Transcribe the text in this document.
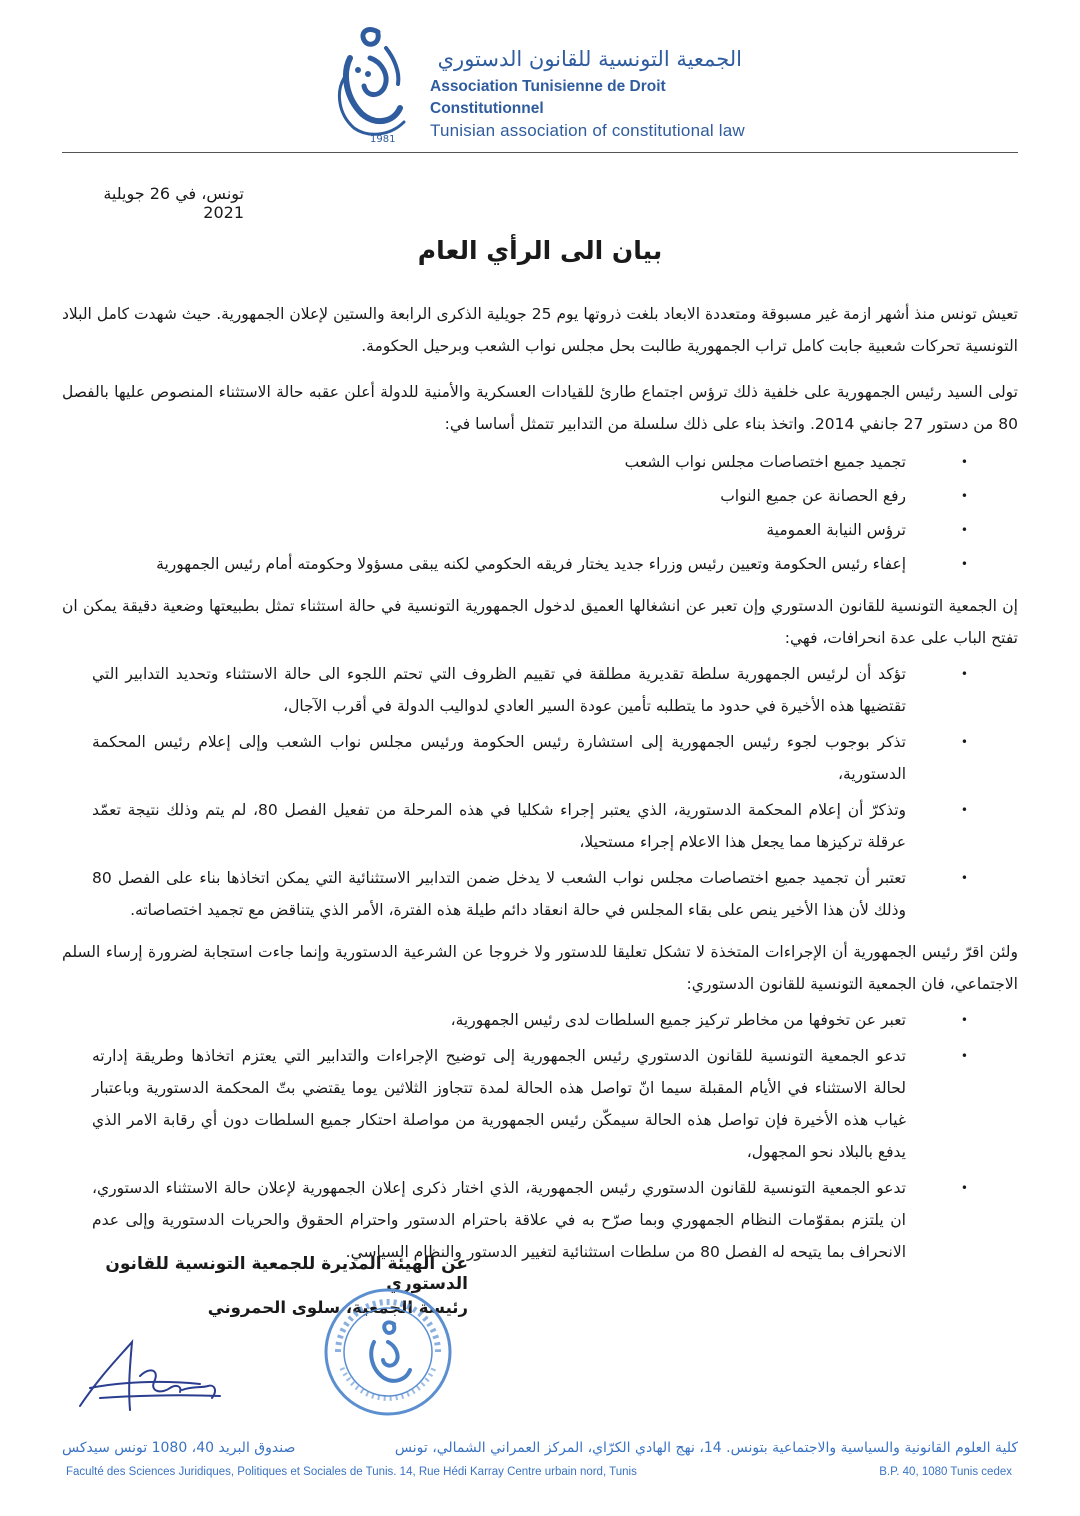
1981
الجمعية التونسية للقانون الدستوري
Association Tunisienne de Droit Constitutionnel
Tunisian association of constitutional law
تونس، في 26 جويلية 2021
بيان الى الرأي العام

تعيش تونس منذ أشهر ازمة غير مسبوقة ومتعددة الابعاد بلغت ذروتها يوم 25 جويلية الذكرى الرابعة والستين لإعلان الجمهورية. حيث شهدت كامل البلاد التونسية تحركات شعبية جابت كامل تراب الجمهورية طالبت بحل مجلس نواب الشعب وبرحيل الحكومة.

تولى السيد رئيس الجمهورية على خلفية ذلك ترؤس اجتماع طارئ للقيادات العسكرية والأمنية للدولة أعلن عقبه حالة الاستثناء المنصوص عليها بالفصل 80 من دستور 27 جانفي 2014. واتخذ بناء على ذلك سلسلة من التدابير تتمثل أساسا في:

•
تجميد جميع اختصاصات مجلس نواب الشعب
•
رفع الحصانة عن جميع النواب
•
ترؤس النيابة العمومية
•
إعفاء رئيس الحكومة وتعيين رئيس وزراء جديد يختار فريقه الحكومي لكنه يبقى مسؤولا وحكومته أمام رئيس الجمهورية

إن الجمعية التونسية للقانون الدستوري وإن تعبر عن انشغالها العميق لدخول الجمهورية التونسية في حالة استثناء تمثل بطبيعتها وضعية دقيقة يمكن ان تفتح الباب على عدة انحرافات، فهي:

•
تؤكد أن لرئيس الجمهورية سلطة تقديرية مطلقة في تقييم الظروف التي تحتم اللجوء الى حالة الاستثناء وتحديد التدابير التي تقتضيها هذه الأخيرة في حدود ما يتطلبه تأمين عودة السير العادي لدواليب الدولة في أقرب الآجال،
•
تذكر بوجوب لجوء رئيس الجمهورية إلى استشارة رئيس الحكومة ورئيس مجلس نواب الشعب وإلى إعلام رئيس المحكمة الدستورية،
•
وتذكرّ أن إعلام المحكمة الدستورية، الذي يعتبر إجراء شكليا في هذه المرحلة من تفعيل الفصل 80، لم يتم وذلك نتيجة تعمّد عرقلة تركيزها مما يجعل هذا الاعلام إجراء مستحيلا،
•
تعتبر أن تجميد جميع اختصاصات مجلس نواب الشعب لا يدخل ضمن التدابير الاستثنائية التي يمكن اتخاذها بناء على الفصل 80 وذلك لأن هذا الأخير ينص على بقاء المجلس في حالة انعقاد دائم طيلة هذه الفترة، الأمر الذي يتناقض مع تجميد اختصاصاته.

ولئن اقرّ رئيس الجمهورية أن الإجراءات المتخذة لا تشكل تعليقا للدستور ولا خروجا عن الشرعية الدستورية وإنما جاءت استجابة لضرورة إرساء السلم الاجتماعي، فان الجمعية التونسية للقانون الدستوري:

•
تعبر عن تخوفها من مخاطر تركيز جميع السلطات لدى رئيس الجمهورية،
•
تدعو الجمعية التونسية للقانون الدستوري رئيس الجمهورية إلى توضيح الإجراءات والتدابير التي يعتزم اتخاذها وطريقة إدارته لحالة الاستثناء في الأيام المقبلة سيما انّ تواصل هذه الحالة لمدة تتجاوز الثلاثين يوما يقتضي بتّ المحكمة الدستورية وباعتبار غياب هذه الأخيرة فإن تواصل هذه الحالة سيمكّن رئيس الجمهورية من مواصلة احتكار جميع السلطات دون أي رقابة الامر الذي يدفع بالبلاد نحو المجهول،
•
تدعو الجمعية التونسية للقانون الدستوري رئيس الجمهورية، الذي اختار ذكرى إعلان الجمهورية لإعلان حالة الاستثناء الدستوري، ان يلتزم بمقوّمات النظام الجمهوري وبما صرّح به في علاقة باحترام الدستور واحترام الحقوق والحريات الدستورية وإلى عدم الانحراف بما يتيحه له الفصل 80 من سلطات استثنائية لتغيير الدستور والنظام السياسي.
عن الهيئة المديرة للجمعية التونسية للقانون الدستوري
رئيسة الجمعية، سلوى الحمروني
كلية العلوم القانونية والسياسية والاجتماعية بتونس. 14، نهج الهادي الكرّاي، المركز العمراني الشمالي، تونس
صندوق البريد 40، 1080 تونس سيدكس
Faculté des Sciences Juridiques, Politiques et Sociales de Tunis. 14, Rue Hédi Karray Centre urbain nord, Tunis	B.P. 40, 1080 Tunis cedex
